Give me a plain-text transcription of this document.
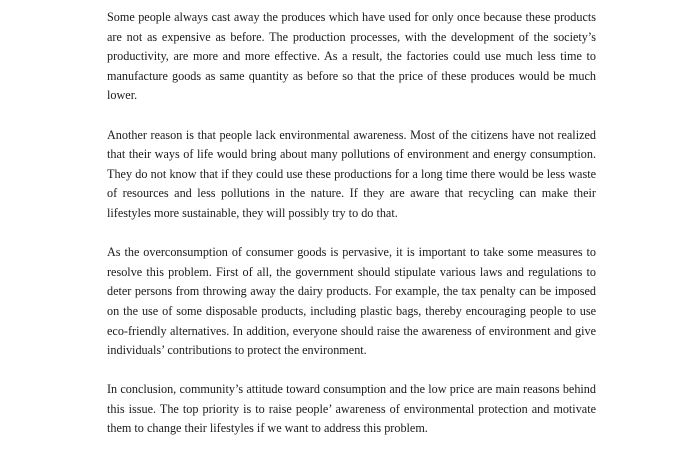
Some people always cast away the produces which have used for only once because these products are not as expensive as before. The production processes, with the development of the society’s productivity, are more and more effective. As a result, the factories could use much less time to manufacture goods as same quantity as before so that the price of these produces would be much lower.

Another reason is that people lack environmental awareness. Most of the citizens have not realized that their ways of life would bring about many pollutions of environment and energy consumption. They do not know that if they could use these productions for a long time there would be less waste of resources and less pollutions in the nature. If they are aware that recycling can make their lifestyles more sustainable, they will possibly try to do that.

As the overconsumption of consumer goods is pervasive, it is important to take some measures to resolve this problem. First of all, the government should stipulate various laws and regulations to deter persons from throwing away the dairy products. For example, the tax penalty can be imposed on the use of some disposable products, including plastic bags, thereby encouraging people to use eco-friendly alternatives. In addition, everyone should raise the awareness of environment and give individuals’ contributions to protect the environment.

In conclusion, community’s attitude toward consumption and the low price are main reasons behind this issue. The top priority is to raise people’ awareness of environmental protection and motivate them to change their lifestyles if we want to address this problem.
